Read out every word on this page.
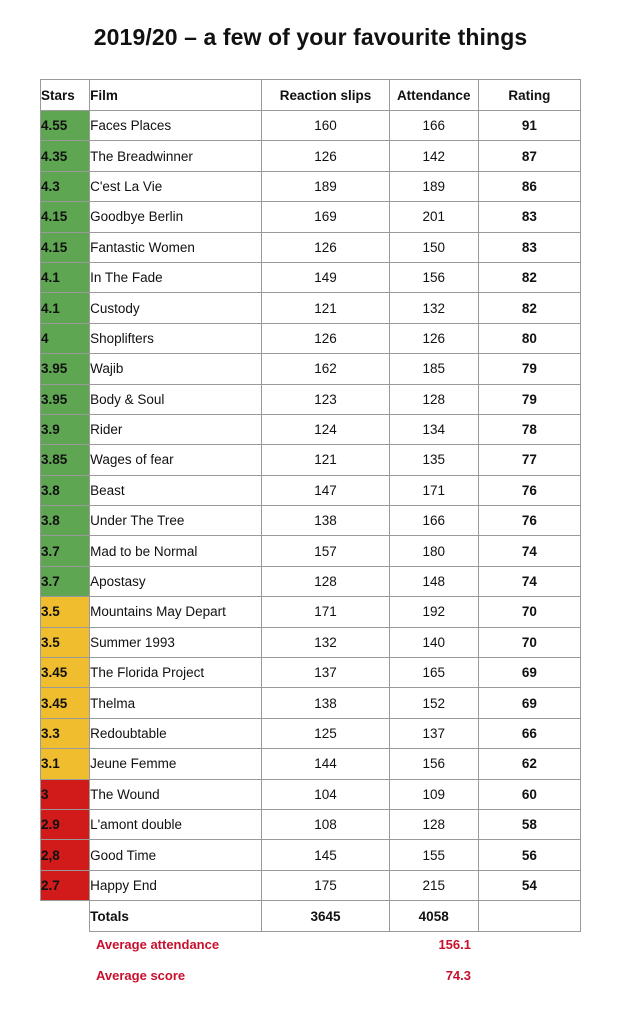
2019/20 – a few of your favourite things
Stars	Film	Reaction slips	Attendance	Rating
4.55	Faces Places	160	166	91
4.35	The Breadwinner	126	142	87
4.3	C'est La Vie	189	189	86
4.15	Goodbye Berlin	169	201	83
4.15	Fantastic Women	126	150	83
4.1	In The Fade	149	156	82
4.1	Custody	121	132	82
4	Shoplifters	126	126	80
3.95	Wajib	162	185	79
3.95	Body & Soul	123	128	79
3.9	Rider	124	134	78
3.85	Wages of fear	121	135	77
3.8	Beast	147	171	76
3.8	Under The Tree	138	166	76
3.7	Mad to be Normal	157	180	74
3.7	Apostasy	128	148	74
3.5	Mountains May Depart	171	192	70
3.5	Summer 1993	132	140	70
3.45	The Florida Project	137	165	69
3.45	Thelma	138	152	69
3.3	Redoubtable	125	137	66
3.1	Jeune Femme	144	156	62
3	The Wound	104	109	60
2.9	L'amont double	108	128	58
2,8	Good Time	145	155	56
2.7	Happy End	175	215	54
	Totals	3645	4058	
Average attendance	156.1
Average score	74.3
